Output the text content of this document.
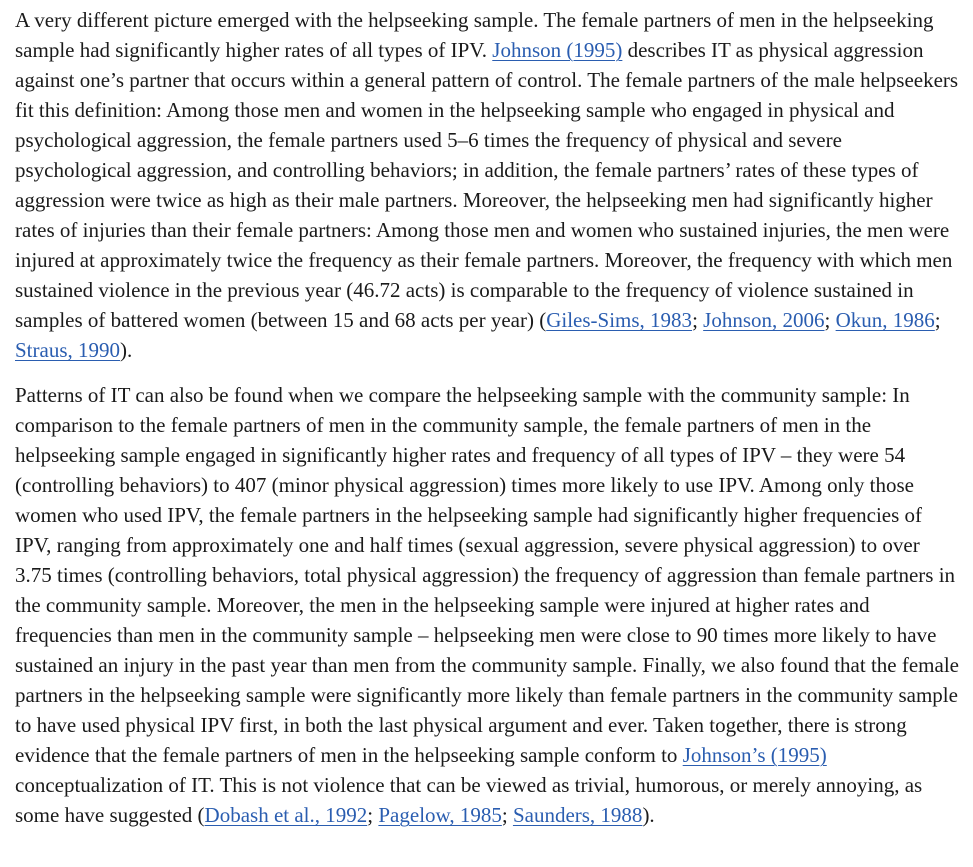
A very different picture emerged with the helpseeking sample. The female partners of men in the helpseeking sample had significantly higher rates of all types of IPV. Johnson (1995) describes IT as physical aggression against one’s partner that occurs within a general pattern of control. The female partners of the male helpseekers fit this definition: Among those men and women in the helpseeking sample who engaged in physical and psychological aggression, the female partners used 5–6 times the frequency of physical and severe psychological aggression, and controlling behaviors; in addition, the female partners’ rates of these types of aggression were twice as high as their male partners. Moreover, the helpseeking men had significantly higher rates of injuries than their female partners: Among those men and women who sustained injuries, the men were injured at approximately twice the frequency as their female partners. Moreover, the frequency with which men sustained violence in the previous year (46.72 acts) is comparable to the frequency of violence sustained in samples of battered women (between 15 and 68 acts per year) (Giles-Sims, 1983; Johnson, 2006; Okun, 1986; Straus, 1990).

Patterns of IT can also be found when we compare the helpseeking sample with the community sample: In comparison to the female partners of men in the community sample, the female partners of men in the helpseeking sample engaged in significantly higher rates and frequency of all types of IPV – they were 54 (controlling behaviors) to 407 (minor physical aggression) times more likely to use IPV. Among only those women who used IPV, the female partners in the helpseeking sample had significantly higher frequencies of IPV, ranging from approximately one and half times (sexual aggression, severe physical aggression) to over 3.75 times (controlling behaviors, total physical aggression) the frequency of aggression than female partners in the community sample. Moreover, the men in the helpseeking sample were injured at higher rates and frequencies than men in the community sample – helpseeking men were close to 90 times more likely to have sustained an injury in the past year than men from the community sample. Finally, we also found that the female partners in the helpseeking sample were significantly more likely than female partners in the community sample to have used physical IPV first, in both the last physical argument and ever. Taken together, there is strong evidence that the female partners of men in the helpseeking sample conform to Johnson’s (1995) conceptualization of IT. This is not violence that can be viewed as trivial, humorous, or merely annoying, as some have suggested (Dobash et al., 1992; Pagelow, 1985; Saunders, 1988).
